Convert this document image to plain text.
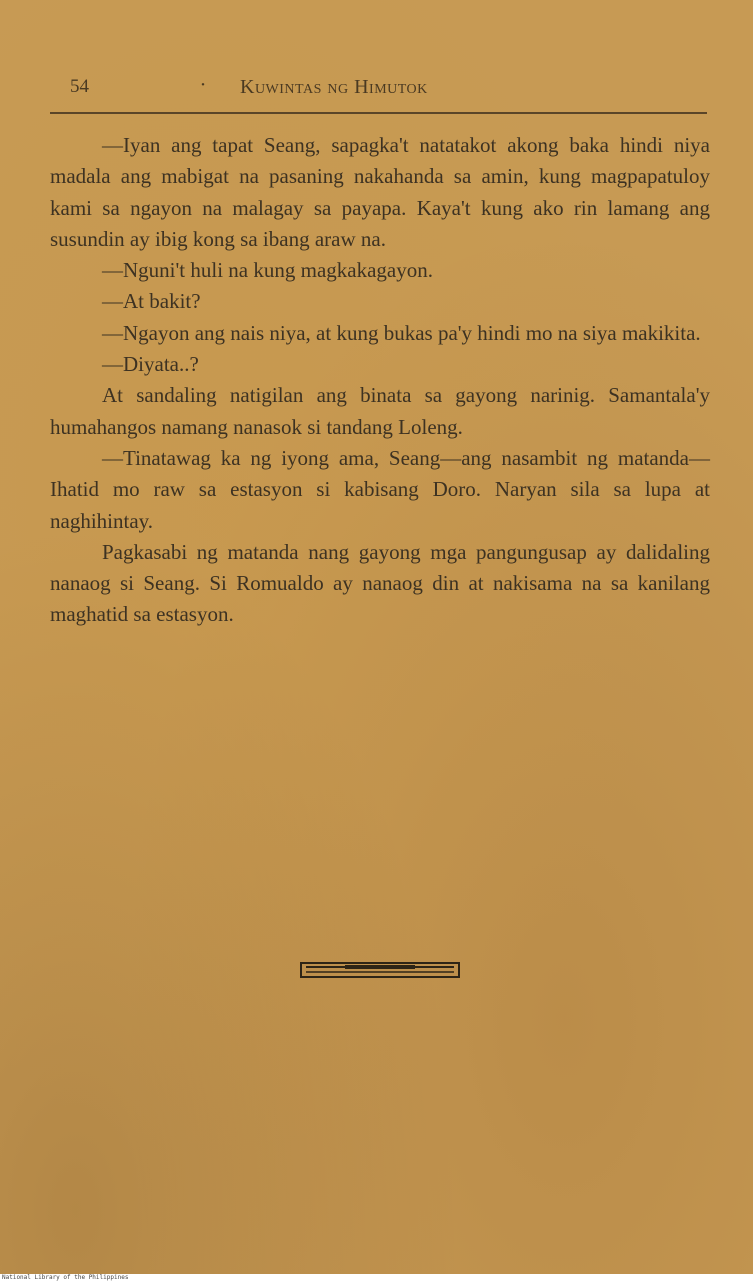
54	· Kuwintas ng Himutok

—Iyan ang tapat Seang, sapagka't natatakot akong baka hindi niya madala ang mabigat na pasaning nakahanda sa amin, kung magpapatuloy kami sa ngayon na malagay sa payapa. Kaya't kung ako rin lamang ang susundin ay ibig kong sa ibang araw na.

—Nguni't huli na kung magkakagayon.

—At bakit?

—Ngayon ang nais niya, at kung bukas pa'y hindi mo na siya makikita.

—Diyata..?

At sandaling natigilan ang binata sa gayong narinig. Samantala'y humahangos namang nanasok si tandang Loleng.

—Tinatawag ka ng iyong ama, Seang—ang nasambit ng matanda—Ihatid mo raw sa estasyon si kabisang Doro. Naryan sila sa lupa at naghihintay.

Pagkasabi ng matanda nang gayong mga pangungusap ay dalidaling nanaog si Seang. Si Romualdo ay nanaog din at nakisama na sa kanilang maghatid sa estasyon.

National Library of the Philippines
